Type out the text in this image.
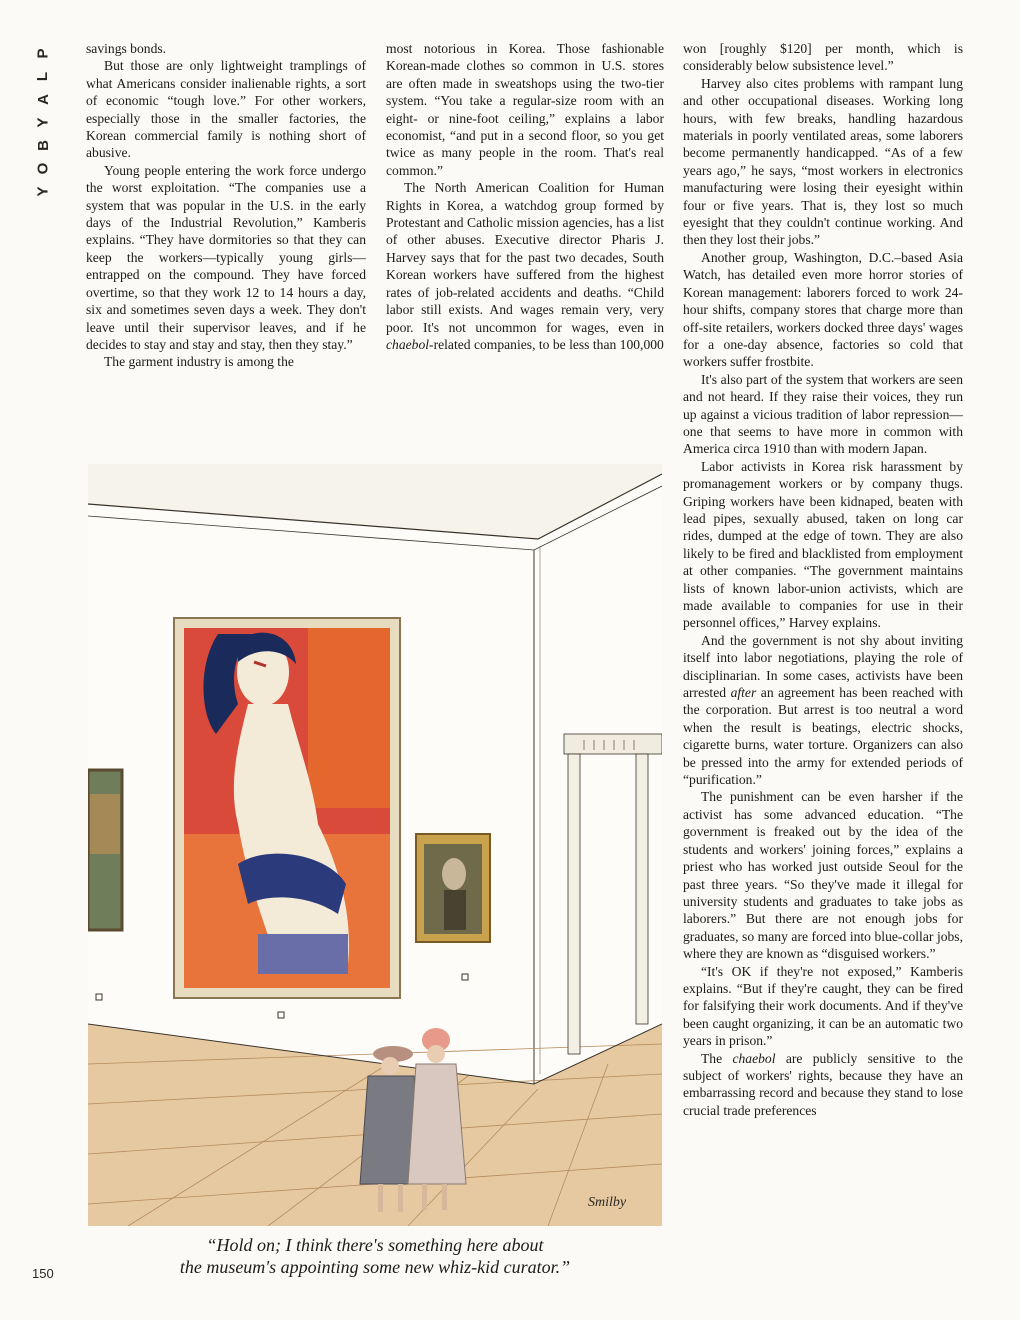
P
L
A
Y
B
O
Y

savings bonds.

But those are only lightweight tramplings of what Americans consider inalienable rights, a sort of economic “tough love.” For other workers, especially those in the smaller factories, the Korean commercial family is nothing short of abusive.

Young people entering the work force undergo the worst exploitation. “The companies use a system that was popular in the U.S. in the early days of the Industrial Revolution,” Kamberis explains. “They have dormitories so that they can keep the workers—typically young girls—entrapped on the compound. They have forced overtime, so that they work 12 to 14 hours a day, six and sometimes seven days a week. They don't leave until their supervisor leaves, and if he decides to stay and stay and stay, then they stay.”

The garment industry is among the

most notorious in Korea. Those fashionable Korean-made clothes so common in U.S. stores are often made in sweatshops using the two-tier system. “You take a regular-size room with an eight- or nine-foot ceiling,” explains a labor economist, “and put in a second floor, so you get twice as many people in the room. That's real common.”

The North American Coalition for Human Rights in Korea, a watchdog group formed by Protestant and Catholic mission agencies, has a list of other abuses. Executive director Pharis J. Harvey says that for the past two decades, South Korean workers have suffered from the highest rates of job-related accidents and deaths. “Child labor still exists. And wages remain very, very poor. It's not uncommon for wages, even in chaebol-related companies, to be less than 100,000

won [roughly $120] per month, which is considerably below subsistence level.”

Harvey also cites problems with rampant lung and other occupational diseases. Working long hours, with few breaks, handling hazardous materials in poorly ventilated areas, some laborers become permanently handicapped. “As of a few years ago,” he says, “most workers in electronics manufacturing were losing their eyesight within four or five years. That is, they lost so much eyesight that they couldn't continue working. And then they lost their jobs.”

Another group, Washington, D.C.–based Asia Watch, has detailed even more horror stories of Korean management: laborers forced to work 24-hour shifts, company stores that charge more than off-site retailers, workers docked three days' wages for a one-day absence, factories so cold that workers suffer frostbite.

It's also part of the system that workers are seen and not heard. If they raise their voices, they run up against a vicious tradition of labor repression—one that seems to have more in common with America circa 1910 than with modern Japan.

Labor activists in Korea risk harassment by promanagement workers or by company thugs. Griping workers have been kidnaped, beaten with lead pipes, sexually abused, taken on long car rides, dumped at the edge of town. They are also likely to be fired and blacklisted from employment at other companies. “The government maintains lists of known labor-union activists, which are made available to companies for use in their personnel offices,” Harvey explains.

And the government is not shy about inviting itself into labor negotiations, playing the role of disciplinarian. In some cases, activists have been arrested after an agreement has been reached with the corporation. But arrest is too neutral a word when the result is beatings, electric shocks, cigarette burns, water torture. Organizers can also be pressed into the army for extended periods of “purification.”

The punishment can be even harsher if the activist has some advanced education. “The government is freaked out by the idea of the students and workers' joining forces,” explains a priest who has worked just outside Seoul for the past three years. “So they've made it illegal for university students and graduates to take jobs as laborers.” But there are not enough jobs for graduates, so many are forced into blue-collar jobs, where they are known as “disguised workers.”

“It's OK if they're not exposed,” Kamberis explains. “But if they're caught, they can be fired for falsifying their work documents. And if they've been caught organizing, it can be an automatic two years in prison.”

The chaebol are publicly sensitive to the subject of workers' rights, because they have an embarrassing record and because they stand to lose crucial trade preferences

Smilby
“Hold on; I think there's something here about
the museum's appointing some new whiz-kid curator.”
150
